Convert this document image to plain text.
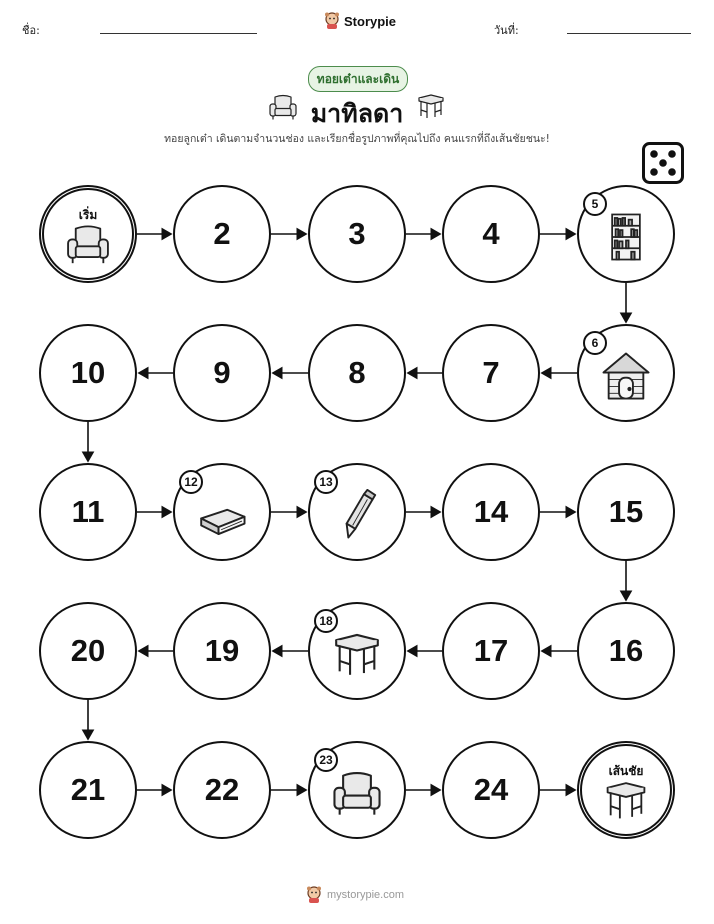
ชื่อ:
Storypie
วันที่:
ทอยเต๋าและเดิน
มาทิลดา
ทอยลูกเต๋า เดินตามจำนวนช่อง และเรียกชื่อรูปภาพที่คุณไปถึง คนแรกที่ถึงเส้นชัยชนะ!
เริ่ม
2	3	4
5
6
7
8
9
10
11
12	13
14	15
16
17
18
19
20
21	22
23
24
เส้นชัย
mystorypie.com
